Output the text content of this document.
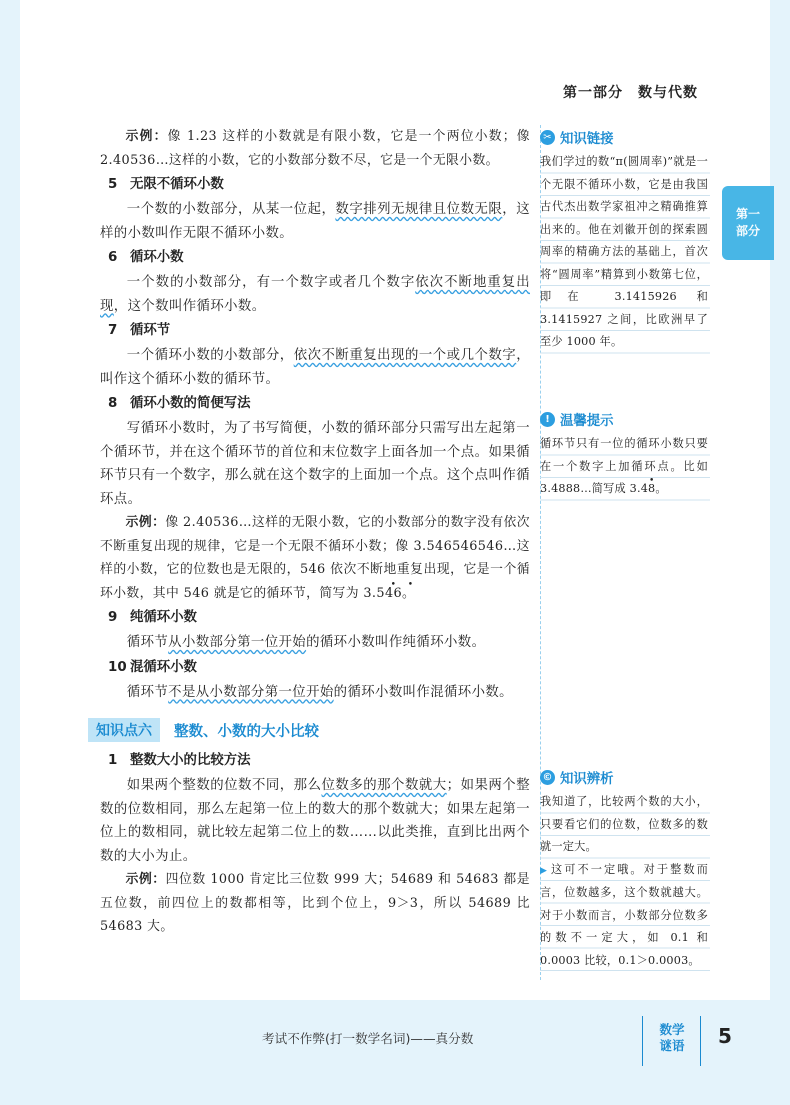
第一部分　数与代数
第一
部分

示例：像 1.23 这样的小数就是有限小数，它是一个两位小数；像 2.40536…这样的小数，它的小数部分数不尽，它是一个无限小数。

5 无限不循环小数

一个数的小数部分，从某一位起，数字排列无规律且位数无限，这样的小数叫作无限不循环小数。

6 循环小数

一个数的小数部分，有一个数字或者几个数字依次不断地重复出现，这个数叫作循环小数。

7 循环节

一个循环小数的小数部分，依次不断重复出现的一个或几个数字，叫作这个循环小数的循环节。

8 循环小数的简便写法

写循环小数时，为了书写简便，小数的循环部分只需写出左起第一个循环节，并在这个循环节的首位和末位数字上面各加一个点。如果循环节只有一个数字，那么就在这个数字的上面加一个点。这个点叫作循环点。

示例：像 2.40536…这样的无限小数，它的小数部分的数字没有依次不断重复出现的规律，它是一个无限不循环小数；像 3.546546546…这样的小数，它的位数也是无限的，546 依次不断地重复出现，它是一个循环小数，其中 546 就是它的循环节，简写为 3.• 54• 6。

9 纯循环小数

循环节从小数部分第一位开始的循环小数叫作纯循环小数。

10 混循环小数

循环节不是从小数部分第一位开始的循环小数叫作混循环小数。

知识点六	整数、小数的大小比较
1 整数大小的比较方法

如果两个整数的位数不同，那么位数多的那个数就大；如果两个整数的位数相同，那么左起第一位上的数大的那个数就大；如果左起第一位上的数相同，就比较左起第二位上的数……以此类推，直到比出两个数的大小为止。

示例：四位数 1000 肯定比三位数 999 大；54689 和 54683 都是五位数，前四位上的数都相等，比到个位上，9＞3，所以 54689 比 54683 大。

✂ 知识链接

我们学过的数“π(圆周率)”就是一个无限不循环小数，它是由我国古代杰出数学家祖冲之精确推算出来的。他在刘徽开创的探索圆周率的精确方法的基础上，首次将“圆周率”精算到小数第七位，即在 3.1415926 和 3.1415927 之间，比欧洲早了至少 1000 年。

! 温馨提示

循环节只有一位的循环小数只要在一个数字上加循环点。比如 3.4888…简写成 3.4• 8。

© 知识辨析

我知道了，比较两个数的大小，只要看它们的位数，位数多的数就一定大。
▶ 这可不一定哦。对于整数而言，位数越多，这个数就越大。对于小数而言，小数部分位数多的数不一定大，如 0.1 和 0.0003 比较，0.1＞0.0003。

考试不作弊(打一数学名词)——真分数
数学
谜语	5
